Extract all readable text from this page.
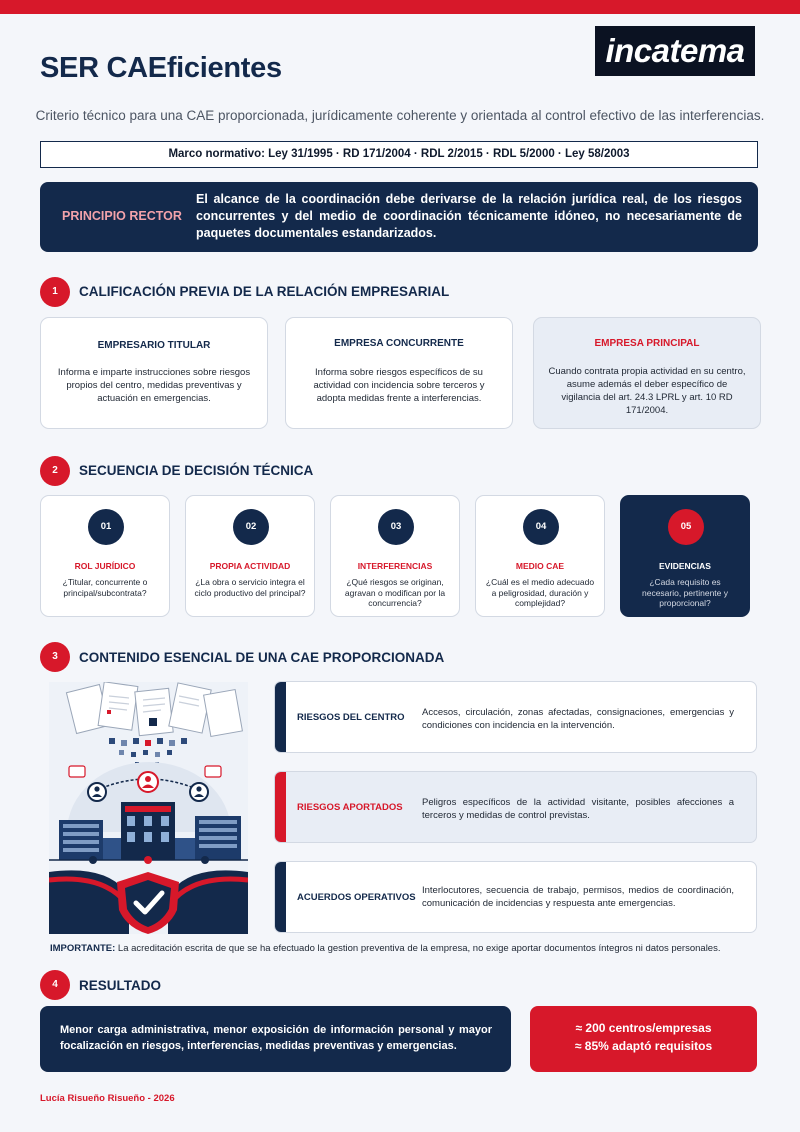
SER CAEficientes	incatema
Criterio técnico para una CAE proporcionada, jurídicamente coherente y orientada al control efectivo de las interferencias.
Marco normativo: Ley 31/1995 · RD 171/2004 · RDL 2/2015 · RDL 5/2000 · Ley 58/2003
PRINCIPIO RECTOR
El alcance de la coordinación debe derivarse de la relación jurídica real, de los riesgos concurrentes y del medio de coordinación técnicamente idóneo, no necesariamente de paquetes documentales estandarizados.
1	CALIFICACIÓN PREVIA DE LA RELACIÓN EMPRESARIAL
EMPRESARIO TITULAR
Informa e imparte instrucciones sobre riesgos propios del centro, medidas preventivas y actuación en emergencias.
EMPRESA CONCURRENTE
Informa sobre riesgos específicos de su actividad con incidencia sobre terceros y adopta medidas frente a interferencias.
EMPRESA PRINCIPAL
Cuando contrata propia actividad en su centro, asume además el deber específico de vigilancia del art. 24.3 LPRL y art. 10 RD 171/2004.
2	SECUENCIA DE DECISIÓN TÉCNICA
01
ROL JURÍDICO
¿Titular, concurrente o principal/subcontrata?
02
PROPIA ACTIVIDAD
¿La obra o servicio integra el ciclo productivo del principal?
03
INTERFERENCIAS
¿Qué riesgos se originan, agravan o modifican por la concurrencia?
04
MEDIO CAE
¿Cuál es el medio adecuado a peligrosidad, duración y complejidad?
05
EVIDENCIAS
¿Cada requisito es necesario, pertinente y proporcional?
3	CONTENIDO ESENCIAL DE UNA CAE PROPORCIONADA
RIESGOS DEL CENTRO Accesos, circulación, zonas afectadas, consignaciones, emergencias y condiciones con incidencia en la intervención.
RIESGOS APORTADOS Peligros específicos de la actividad visitante, posibles afecciones a terceros y medidas de control previstas.
ACUERDOS OPERATIVOS
Interlocutores, secuencia de trabajo, permisos, medios de coordinación, comunicación de incidencias y respuesta ante emergencias.
IMPORTANTE: La acreditación escrita de que se ha efectuado la gestion preventiva de la empresa, no exige aportar documentos íntegros ni datos personales.
4	RESULTADO
Menor carga administrativa, menor exposición de información personal y mayor focalización en riesgos, interferencias, medidas preventivas y emergencias.
≈ 200 centros/empresas
≈ 85% adaptó requisitos
Lucía Risueño Risueño - 2026
